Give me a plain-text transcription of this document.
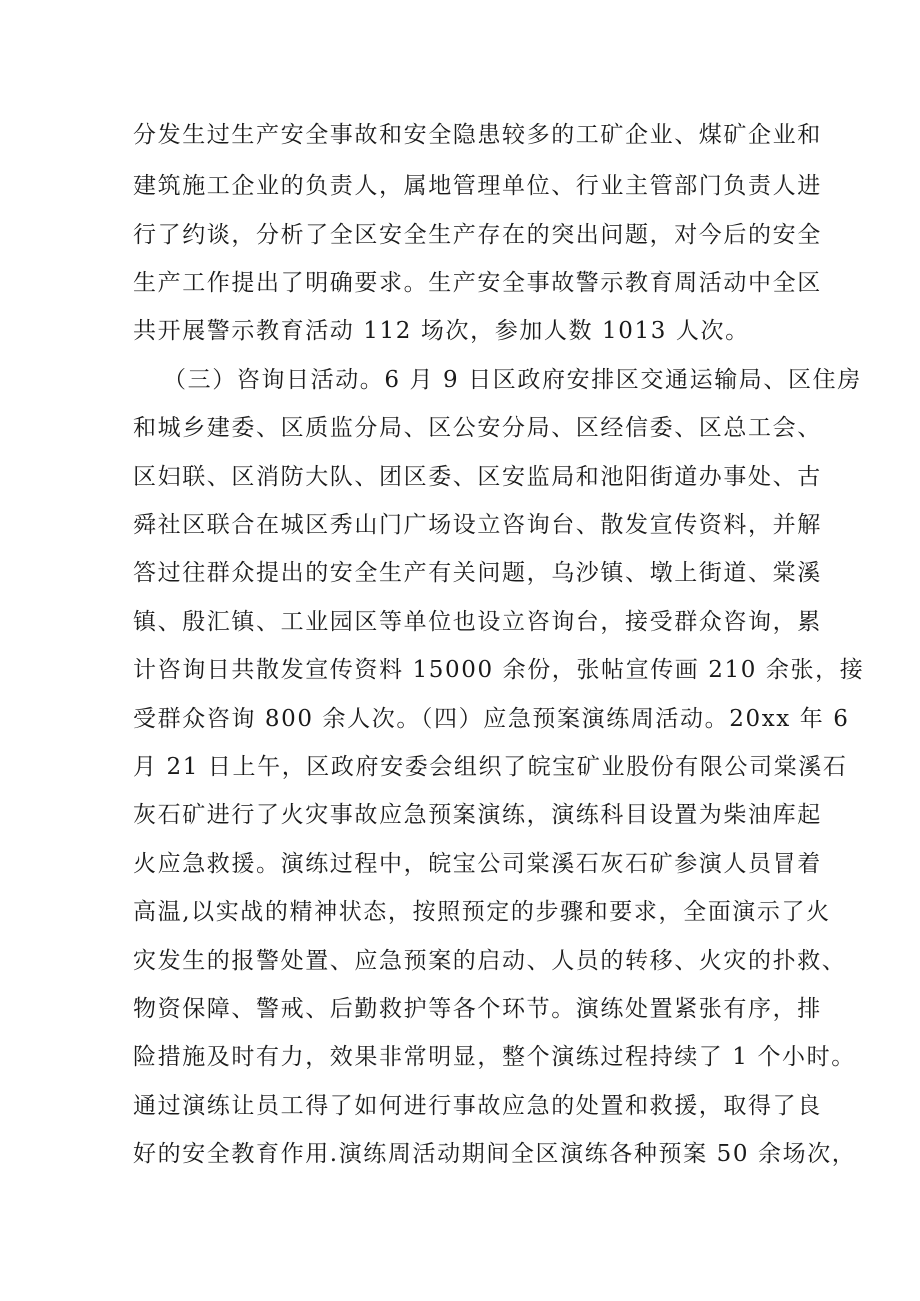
分发生过生产安全事故和安全隐患较多的工矿企业、煤矿企业和
建筑施工企业的负责人，属地管理单位、行业主管部门负责人进
行了约谈，分析了全区安全生产存在的突出问题，对今后的安全
生产工作提出了明确要求。生产安全事故警示教育周活动中全区
共开展警示教育活动 112 场次，参加人数 1013 人次。
（三）咨询日活动。6 月 9 日区政府安排区交通运输局、区住房
和城乡建委、区质监分局、区公安分局、区经信委、区总工会、
区妇联、区消防大队、团区委、区安监局和池阳街道办事处、古
舜社区联合在城区秀山门广场设立咨询台、散发宣传资料，并解
答过往群众提出的安全生产有关问题，乌沙镇、墩上街道、棠溪
镇、殷汇镇、工业园区等单位也设立咨询台，接受群众咨询，累
计咨询日共散发宣传资料 15000 余份，张帖宣传画 210 余张，接
受群众咨询 800 余人次。（四）应急预案演练周活动。20xx 年 6
月 21 日上午，区政府安委会组织了皖宝矿业股份有限公司棠溪石
灰石矿进行了火灾事故应急预案演练，演练科目设置为柴油库起
火应急救援。演练过程中，皖宝公司棠溪石灰石矿参演人员冒着
高温,以实战的精神状态，按照预定的步骤和要求，全面演示了火
灾发生的报警处置、应急预案的启动、人员的转移、火灾的扑救、
物资保障、警戒、后勤救护等各个环节。演练处置紧张有序，排
险措施及时有力，效果非常明显，整个演练过程持续了 1 个小时。
通过演练让员工得了如何进行事故应急的处置和救援，取得了良
好的安全教育作用.演练周活动期间全区演练各种预案 50 余场次，
